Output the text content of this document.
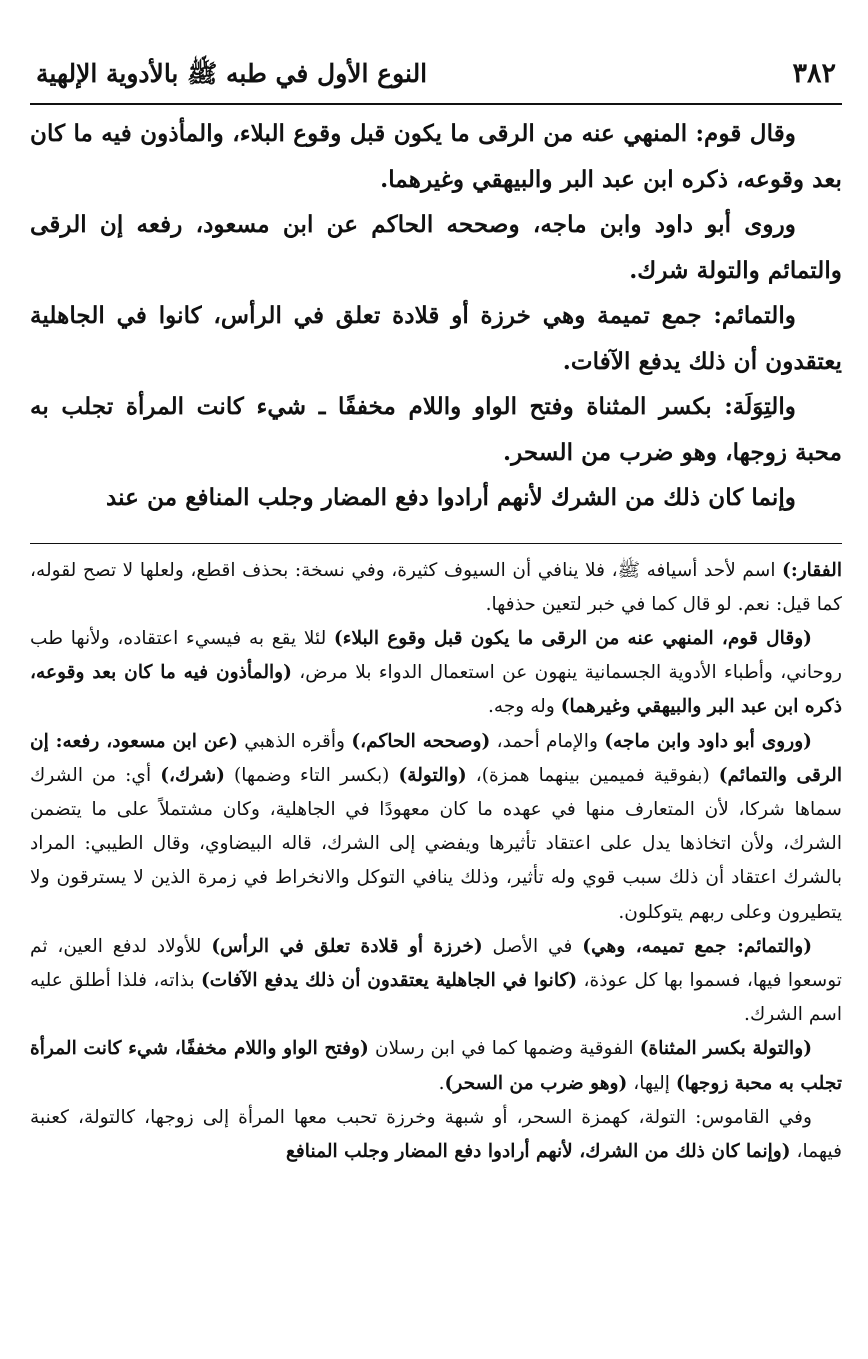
٣٨٢
النوع الأول في طبه ﷺ بالأدوية الإلهية

وقال قوم: المنهي عنه من الرقى ما يكون قبل وقوع البلاء، والمأذون فيه ما كان بعد وقوعه، ذكره ابن عبد البر والبيهقي وغيرهما.

وروى أبو داود وابن ماجه، وصححه الحاكم عن ابن مسعود، رفعه إن الرقى والتمائم والتولة شرك.

والتمائم: جمع تميمة وهي خرزة أو قلادة تعلق في الرأس، كانوا في الجاهلية يعتقدون أن ذلك يدفع الآفات.

والتِوَلَة: بكسر المثناة وفتح الواو واللام مخففًا ـ شيء كانت المرأة تجلب به محبة زوجها، وهو ضرب من السحر.

وإنما كان ذلك من الشرك لأنهم أرادوا دفع المضار وجلب المنافع من عند

الفقار:) اسم لأحد أسيافه ﷺ، فلا ينافي أن السيوف كثيرة، وفي نسخة: بحذف اقطع، ولعلها لا تصح لقوله، كما قيل: نعم. لو قال كما في خبر لتعين حذفها.

(وقال قوم، المنهي عنه من الرقى ما يكون قبل وقوع البلاء) لئلا يقع به فيسيء اعتقاده، ولأنها طب روحاني، وأطباء الأدوية الجسمانية ينهون عن استعمال الدواء بلا مرض، (والمأذون فيه ما كان بعد وقوعه، ذكره ابن عبد البر والبيهقي وغيرهما) وله وجه.

(وروى أبو داود وابن ماجه) والإمام أحمد، (وصححه الحاكم،) وأقره الذهبي (عن ابن مسعود، رفعه: إن الرقى والتمائم) (بفوقية فميمين بينهما همزة)، (والتولة) (بكسر التاء وضمها) (شرك،) أي: من الشرك سماها شركا، لأن المتعارف منها في عهده ما كان معهودًا في الجاهلية، وكان مشتملاً على ما يتضمن الشرك، ولأن اتخاذها يدل على اعتقاد تأثيرها ويفضي إلى الشرك، قاله البيضاوي، وقال الطيبي: المراد بالشرك اعتقاد أن ذلك سبب قوي وله تأثير، وذلك ينافي التوكل والانخراط في زمرة الذين لا يسترقون ولا يتطيرون وعلى ربهم يتوكلون.

(والتمائم: جمع تميمه، وهي) في الأصل (خرزة أو قلادة تعلق في الرأس) للأولاد لدفع العين، ثم توسعوا فيها، فسموا بها كل عوذة، (كانوا في الجاهلية يعتقدون أن ذلك يدفع الآفات) بذاته، فلذا أطلق عليه اسم الشرك.

(والتولة بكسر المثناة) الفوقية وضمها كما في ابن رسلان (وفتح الواو واللام مخففًا، شيء كانت المرأة تجلب به محبة زوجها) إليها، (وهو ضرب من السحر).

وفي القاموس: التولة، كهمزة السحر، أو شبهة وخرزة تحبب معها المرأة إلى زوجها، كالتولة، كعنبة فيهما، (وإنما كان ذلك من الشرك، لأنهم أرادوا دفع المضار وجلب المنافع
